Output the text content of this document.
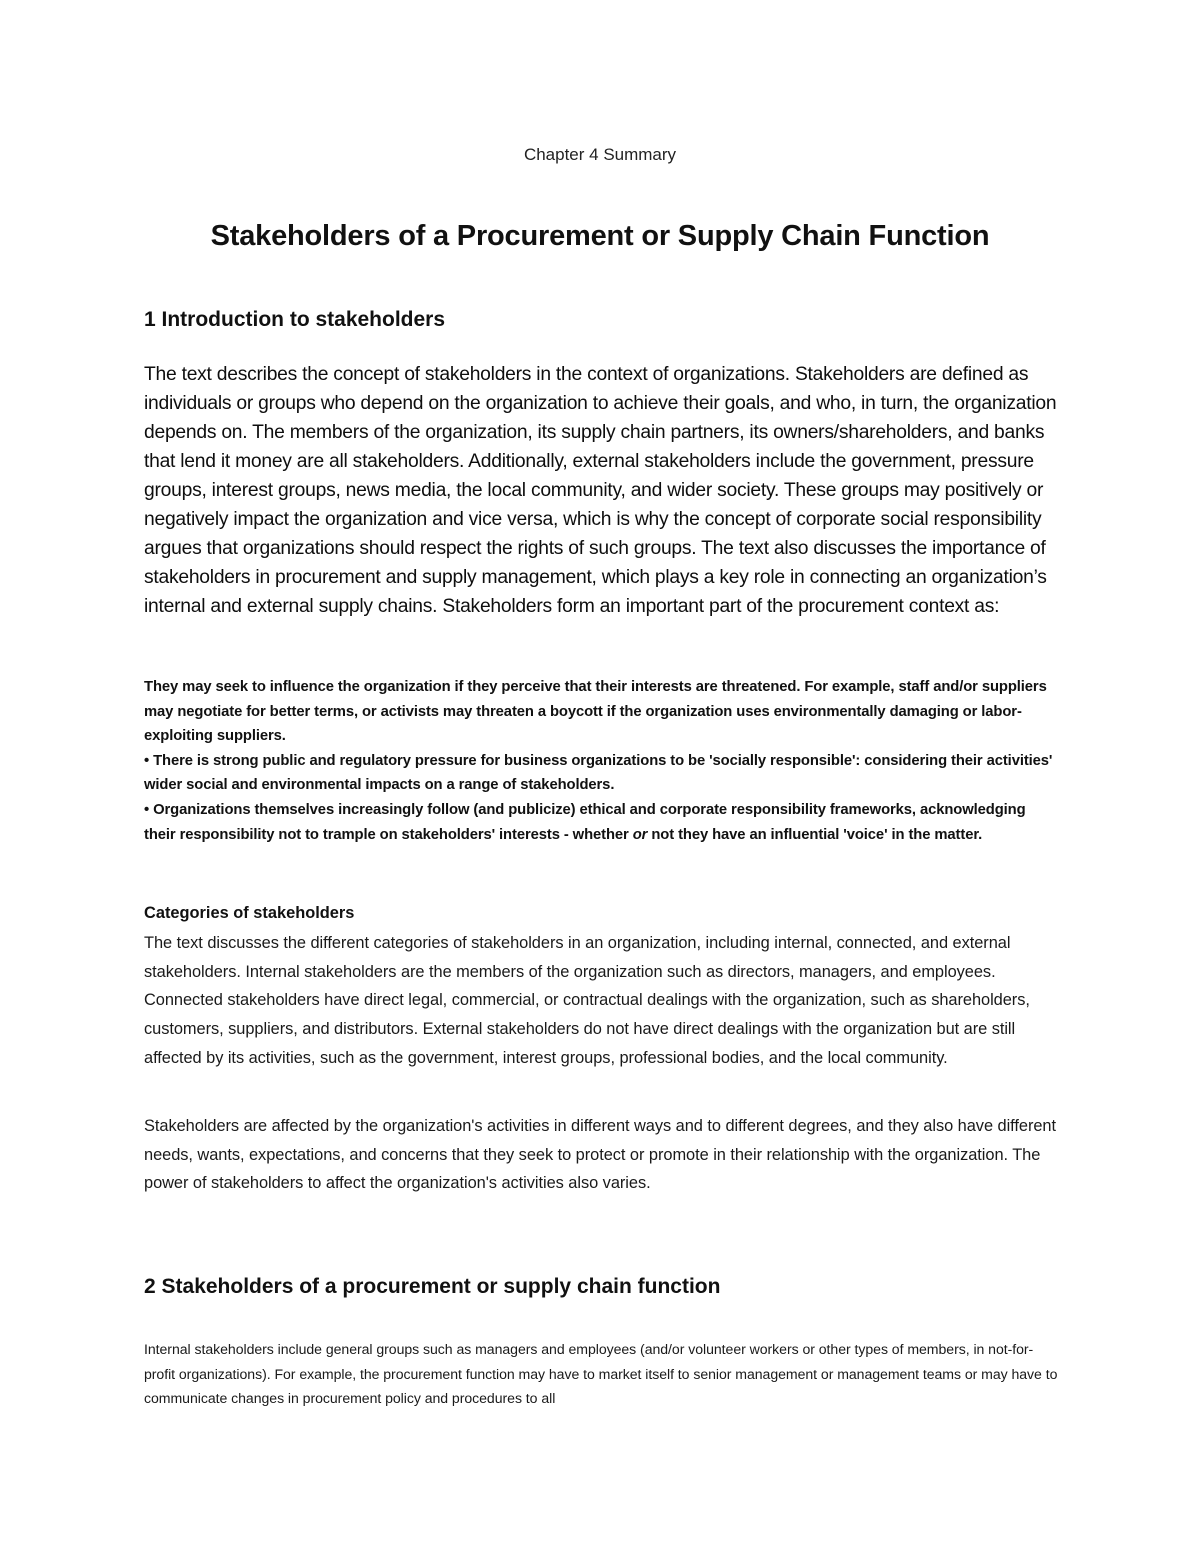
Chapter 4 Summary
Stakeholders of a Procurement or Supply Chain Function
1 Introduction to stakeholders

The text describes the concept of stakeholders in the context of organizations. Stakeholders are defined as individuals or groups who depend on the organization to achieve their goals, and who, in turn, the organization depends on. The members of the organization, its supply chain partners, its owners/shareholders, and banks that lend it money are all stakeholders. Additionally, external stakeholders include the government, pressure groups, interest groups, news media, the local community, and wider society. These groups may positively or negatively impact the organization and vice versa, which is why the concept of corporate social responsibility argues that organizations should respect the rights of such groups. The text also discusses the importance of stakeholders in procurement and supply management, which plays a key role in connecting an organization’s internal and external supply chains. Stakeholders form an important part of the procurement context as:

They may seek to influence the organization if they perceive that their interests are threatened. For example, staff and/or suppliers may negotiate for better terms, or activists may threaten a boycott if the organization uses environmentally damaging or labor-exploiting suppliers.

• There is strong public and regulatory pressure for business organizations to be 'socially responsible': considering their activities' wider social and environmental impacts on a range of stakeholders.

• Organizations themselves increasingly follow (and publicize) ethical and corporate responsibility frameworks, acknowledging their responsibility not to trample on stakeholders' interests - whether or not they have an influential 'voice' in the matter.

Categories of stakeholders

The text discusses the different categories of stakeholders in an organization, including internal, connected, and external stakeholders. Internal stakeholders are the members of the organization such as directors, managers, and employees. Connected stakeholders have direct legal, commercial, or contractual dealings with the organization, such as shareholders, customers, suppliers, and distributors. External stakeholders do not have direct dealings with the organization but are still affected by its activities, such as the government, interest groups, professional bodies, and the local community.

Stakeholders are affected by the organization's activities in different ways and to different degrees, and they also have different needs, wants, expectations, and concerns that they seek to protect or promote in their relationship with the organization. The power of stakeholders to affect the organization's activities also varies.

2 Stakeholders of a procurement or supply chain function

Internal stakeholders include general groups such as managers and employees (and/or volunteer workers or other types of members, in not-for-profit organizations). For example, the procurement function may have to market itself to senior management or management teams or may have to communicate changes in procurement policy and procedures to all
